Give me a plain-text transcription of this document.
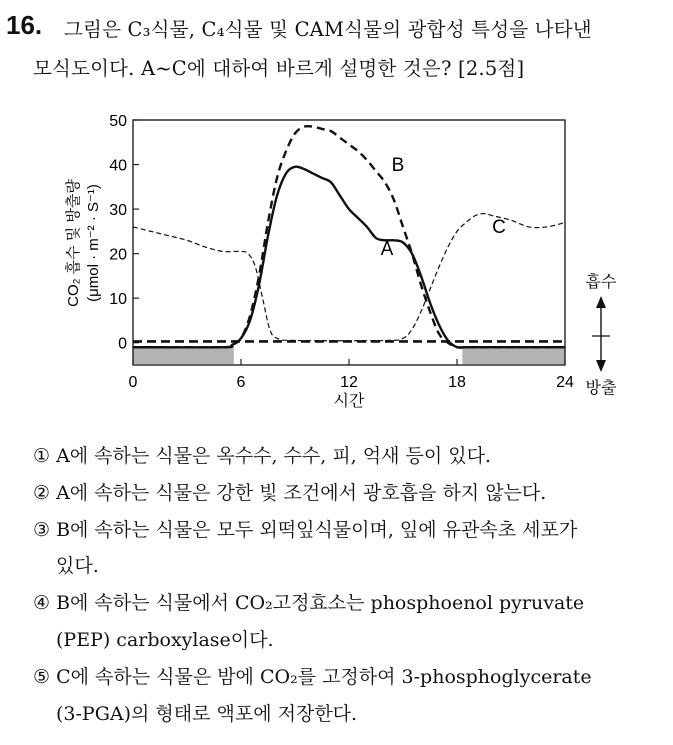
16. 그림은 C₃식물, C₄식물 및 CAM식물의 광합성 특성을 나타낸
모식도이다. A~C에 대하여 바르게 설명한 것은? [2.5점]
0
10
20
30
40
50
0	6	12	18	24
A
B
C
시간
CO₂ 흡수 및 방출량 (μmol · m⁻² · S⁻¹)	흡수
방출
① A에 속하는 식물은 옥수수, 수수, 피, 억새 등이 있다.
② A에 속하는 식물은 강한 빛 조건에서 광호흡을 하지 않는다.
③ B에 속하는 식물은 모두 외떡잎식물이며, 잎에 유관속초 세포가
있다.
④ B에 속하는 식물에서 CO₂고정효소는 phosphoenol pyruvate
(PEP) carboxylase이다.
⑤ C에 속하는 식물은 밤에 CO₂를 고정하여 3-phosphoglycerate
(3-PGA)의 형태로 액포에 저장한다.
